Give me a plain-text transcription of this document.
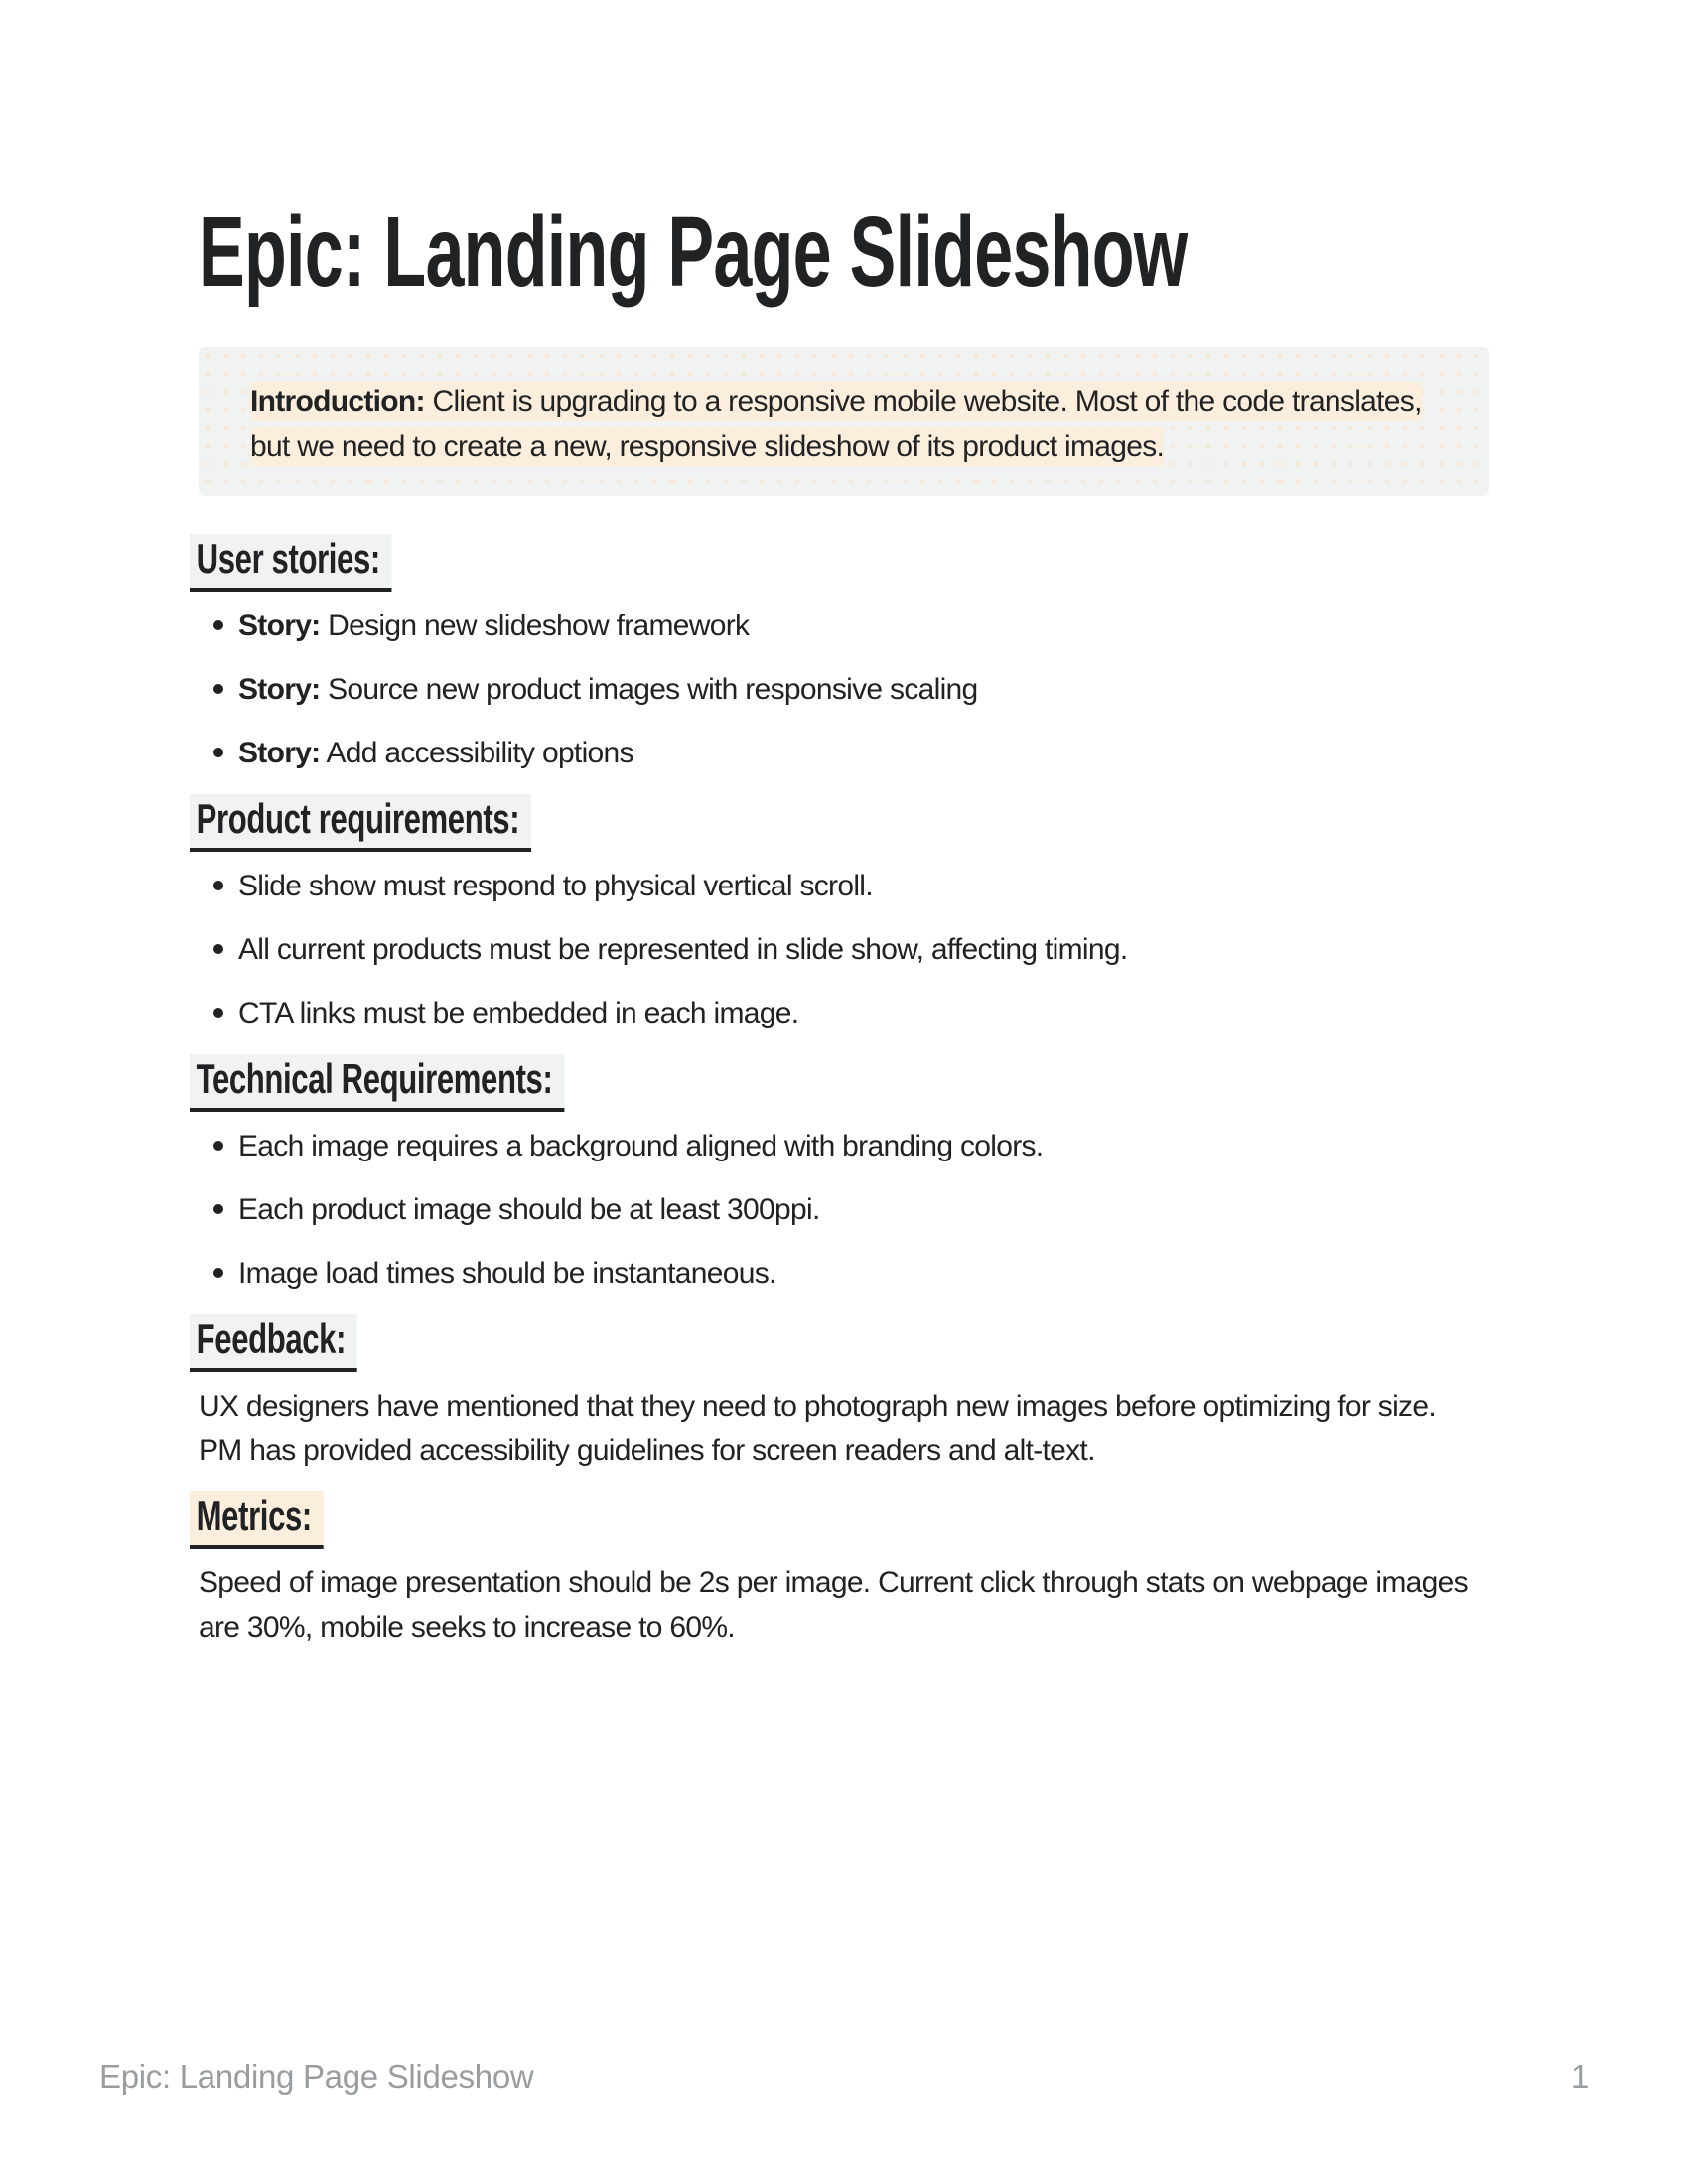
Epic: Landing Page Slideshow

Introduction: Client is upgrading to a responsive mobile website. Most of the code translates, but we need to create a new, responsive slideshow of its product images.

User stories:
Story: Design new slideshow framework
Story: Source new product images with responsive scaling
Story: Add accessibility options
Product requirements:
Slide show must respond to physical vertical scroll.
All current products must be represented in slide show, affecting timing.
CTA links must be embedded in each image.
Technical Requirements:
Each image requires a background aligned with branding colors.
Each product image should be at least 300ppi.
Image load times should be instantaneous.
Feedback:

UX designers have mentioned that they need to photograph new images before optimizing for size. PM has provided accessibility guidelines for screen readers and alt-text.

Metrics:

Speed of image presentation should be 2s per image. Current click through stats on webpage images are 30%, mobile seeks to increase to 60%.

Epic: Landing Page Slideshow	1
